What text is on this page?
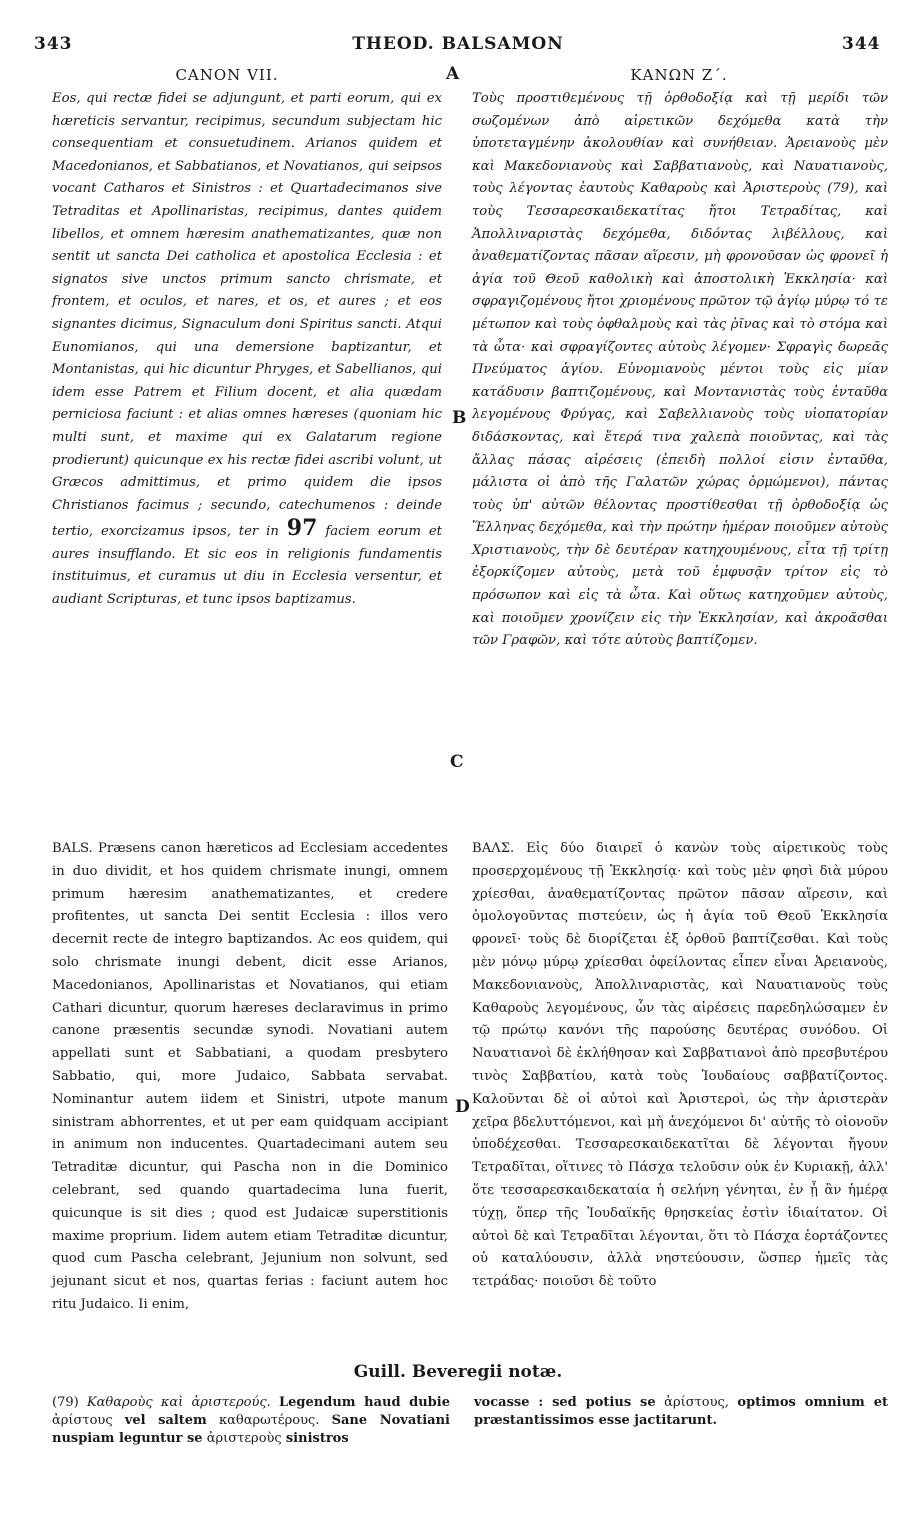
343	THEOD. BALSAMON	344
CANON VII.	ΚΑΝΩΝ Ζ΄.
A
B
C
D

Eos, qui rectæ fidei se adjungunt, et parti eorum, qui ex hæreticis servantur, recipimus, secundum subjectam hic consequentiam et consuetudinem. Arianos quidem et Macedonianos, et Sabbatianos, et Novatianos, qui seipsos vocant Catharos et Sinistros : et Quartadecimanos sive Tetraditas et Apollinaristas, recipimus, dantes quidem libellos, et omnem hæresim anathematizantes, quæ non sentit ut sancta Dei catholica et apostolica Ecclesia : et signatos sive unctos primum sancto chrismate, et frontem, et oculos, et nares, et os, et aures ; et eos signantes dicimus, Signaculum doni Spiritus sancti. Atqui Eunomianos, qui una demersione baptizantur, et Montanistas, qui hic dicuntur Phryges, et Sabellianos, qui idem esse Patrem et Filium docent, et alia quædam perniciosa faciunt : et alias omnes hæreses (quoniam hic multi sunt, et maxime qui ex Galatarum regione prodierunt) quicunque ex his rectæ fidei ascribi volunt, ut Græcos admittimus, et primo quidem die ipsos Christianos facimus ; secundo, catechumenos : deinde tertio, exorcizamus ipsos, ter in 97 faciem eorum et aures insufflando. Et sic eos in religionis fundamentis instituimus, et curamus ut diu in Ecclesia versentur, et audiant Scripturas, et tunc ipsos baptizamus.

Τοὺς προστιθεμένους τῇ ὀρθοδοξίᾳ καὶ τῇ μερίδι τῶν σωζομένων ἀπὸ αἱρετικῶν δεχόμεθα κατὰ τὴν ὑποτεταγμένην ἀκολουθίαν καὶ συνήθειαν. Ἀρειανοὺς μὲν καὶ Μακεδονιανοὺς καὶ Σαββατιανοὺς, καὶ Ναυατιανοὺς, τοὺς λέγοντας ἑαυτοὺς Καθαροὺς καὶ Ἀριστεροὺς (79), καὶ τοὺς Τεσσαρεσκαιδεκατίτας ἤτοι Τετραδίτας, καὶ Ἀπολλιναριστὰς δεχόμεθα, διδόντας λιβέλλους, καὶ ἀναθεματίζοντας πᾶσαν αἵρεσιν, μὴ φρονοῦσαν ὡς φρονεῖ ἡ ἁγία τοῦ Θεοῦ καθολικὴ καὶ ἀποστολικὴ Ἐκκλησία· καὶ σφραγιζομένους ἤτοι χριομένους πρῶτον τῷ ἁγίῳ μύρῳ τό τε μέτωπον καὶ τοὺς ὀφθαλμοὺς καὶ τὰς ῥῖνας καὶ τὸ στόμα καὶ τὰ ὦτα· καὶ σφραγίζοντες αὐτοὺς λέγομεν· Σφραγὶς δωρεᾶς Πνεύματος ἁγίου. Εὐνομιανοὺς μέντοι τοὺς εἰς μίαν κατάδυσιν βαπτιζομένους, καὶ Μοντανιστὰς τοὺς ἐνταῦθα λεγομένους Φρύγας, καὶ Σαβελλιανοὺς τοὺς υἱοπατορίαν διδάσκοντας, καὶ ἕτερά τινα χαλεπὰ ποιοῦντας, καὶ τὰς ἄλλας πάσας αἱρέσεις (ἐπειδὴ πολλοί εἰσιν ἐνταῦθα, μάλιστα οἱ ἀπὸ τῆς Γαλατῶν χώρας ὁρμώμενοι), πάντας τοὺς ὑπ' αὐτῶν θέλοντας προστίθεσθαι τῇ ὀρθοδοξίᾳ ὡς Ἕλληνας δεχόμεθα, καὶ τὴν πρώτην ἡμέραν ποιοῦμεν αὐτοὺς Χριστιανοὺς, τὴν δὲ δευτέραν κατηχουμένους, εἶτα τῇ τρίτῃ ἐξορκίζομεν αὐτοὺς, μετὰ τοῦ ἐμφυσᾷν τρίτον εἰς τὸ πρόσωπον καὶ εἰς τὰ ὦτα. Καὶ οὕτως κατηχοῦμεν αὐτοὺς, καὶ ποιοῦμεν χρονίζειν εἰς τὴν Ἐκκλησίαν, καὶ ἀκροᾶσθαι τῶν Γραφῶν, καὶ τότε αὐτοὺς βαπτίζομεν.

BALS. Præsens canon hæreticos ad Ecclesiam accedentes in duo dividit, et hos quidem chrismate inungi, omnem primum hæresim anathematizantes, et credere profitentes, ut sancta Dei sentit Ecclesia : illos vero decernit recte de integro baptizandos. Ac eos quidem, qui solo chrismate inungi debent, dicit esse Arianos, Macedonianos, Apollinaristas et Novatianos, qui etiam Cathari dicuntur, quorum hæreses declaravimus in primo canone præsentis secundæ synodi. Novatiani autem appellati sunt et Sabbatiani, a quodam presbytero Sabbatio, qui, more Judaico, Sabbata servabat. Nominantur autem iidem et Sinistri, utpote manum sinistram abhorrentes, et ut per eam quidquam accipiant in animum non inducentes. Quartadecimani autem seu Tetraditæ dicuntur, qui Pascha non in die Dominico celebrant, sed quando quartadecima luna fuerit, quicunque is sit dies ; quod est Judaicæ superstitionis maxime proprium. Iidem autem etiam Tetraditæ dicuntur, quod cum Pascha celebrant, Jejunium non solvunt, sed jejunant sicut et nos, quartas ferias : faciunt autem hoc ritu Judaico. Ii enim,

ΒΑΛΣ. Εἰς δύο διαιρεῖ ὁ κανὼν τοὺς αἱρετικοὺς τοὺς προσερχομένους τῇ Ἐκκλησίᾳ· καὶ τοὺς μὲν φησὶ διὰ μύρου χρίεσθαι, ἀναθεματίζοντας πρῶτον πᾶσαν αἵρεσιν, καὶ ὁμολογοῦντας πιστεύειν, ὡς ἡ ἁγία τοῦ Θεοῦ Ἐκκλησία φρονεῖ· τοὺς δὲ διορίζεται ἐξ ὀρθοῦ βαπτίζεσθαι. Καὶ τοὺς μὲν μόνῳ μύρῳ χρίεσθαι ὀφείλοντας εἶπεν εἶναι Ἀρειανοὺς, Μακεδονιανοὺς, Ἀπολλιναριστὰς, καὶ Ναυατιανοὺς τοὺς Καθαροὺς λεγομένους, ὧν τὰς αἱρέσεις παρεδηλώσαμεν ἐν τῷ πρώτῳ κανόνι τῆς παρούσης δευτέρας συνόδου. Οἱ Ναυατιανοὶ δὲ ἐκλήθησαν καὶ Σαββατιανοὶ ἀπὸ πρεσβυτέρου τινὸς Σαββατίου, κατὰ τοὺς Ἰουδαίους σαββατίζοντος. Καλοῦνται δὲ οἱ αὐτοὶ καὶ Ἀριστεροὶ, ὡς τὴν ἀριστερὰν χεῖρα βδελυττόμενοι, καὶ μὴ ἀνεχόμενοι δι' αὐτῆς τὸ οἱονοῦν ὑποδέχεσθαι. Τεσσαρεσκαιδεκατῖται δὲ λέγονται ἤγουν Τετραδῖται, οἵτινες τὸ Πάσχα τελοῦσιν οὐκ ἐν Κυριακῇ, ἀλλ' ὅτε τεσσαρεσκαιδεκαταία ἡ σελήνη γένηται, ἐν ᾗ ἂν ἡμέρᾳ τύχῃ, ὅπερ τῆς Ἰουδαϊκῆς θρησκείας ἐστὶν ἰδιαίτατον. Οἱ αὐτοὶ δὲ καὶ Τετραδῖται λέγονται, ὅτι τὸ Πάσχα ἑορτάζοντες οὐ καταλύουσιν, ἀλλὰ νηστεύουσιν, ὥσπερ ἡμεῖς τὰς τετράδας· ποιοῦσι δὲ τοῦτο

Guill. Beveregii notæ.
(79) Καθαροὺς καὶ ἀριστερούς. Legendum haud dubie ἀρίστους vel saltem καθαρωτέρους. Sane Novatiani nuspiam leguntur se ἀριστεροὺς sinistros
vocasse : sed potius se ἀρίστους, optimos omnium et præstantissimos esse jactitarunt.
